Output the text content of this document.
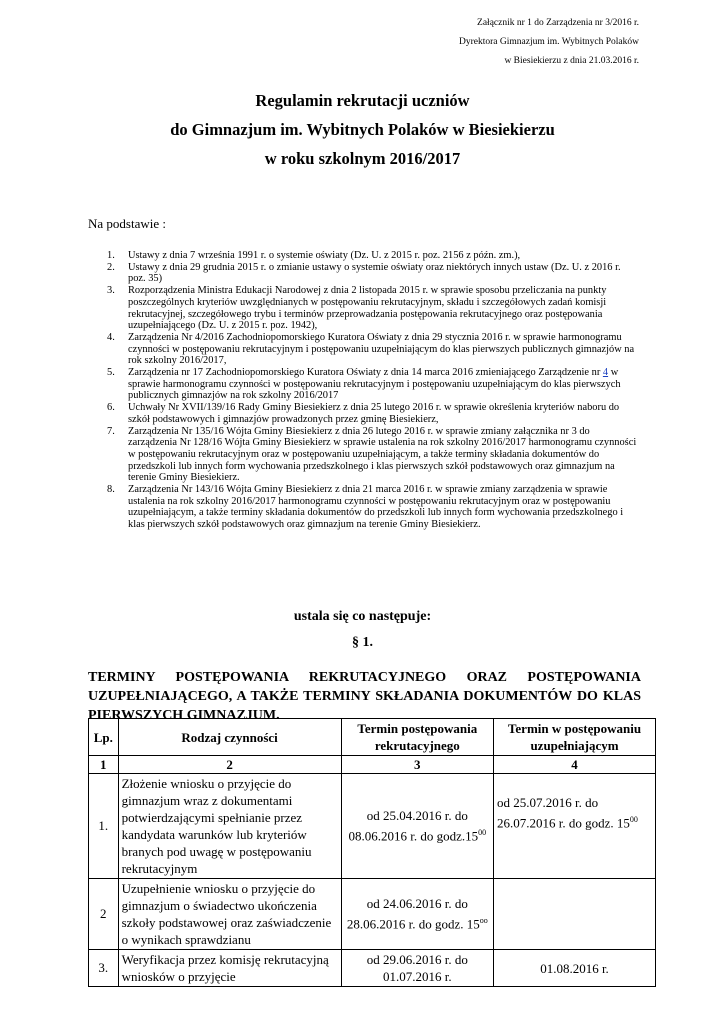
Załącznik nr 1 do Zarządzenia nr 3/2016 r.
Dyrektora Gimnazjum im. Wybitnych Polaków
w Biesiekierzu z dnia 21.03.2016 r.
Regulamin rekrutacji uczniów
do Gimnazjum im. Wybitnych Polaków w Biesiekierzu
w roku szkolnym 2016/2017
Na podstawie :
1. Ustawy z dnia 7 września 1991 r. o systemie oświaty (Dz. U. z 2015 r. poz. 2156 z późn. zm.),
2. Ustawy z dnia 29 grudnia 2015 r. o zmianie ustawy o systemie oświaty oraz niektórych innych ustaw (Dz. U. z 2016 r. poz. 35)
3. Rozporządzenia Ministra Edukacji Narodowej z dnia 2 listopada 2015 r. w sprawie sposobu przeliczania na punkty poszczególnych kryteriów uwzględnianych w postępowaniu rekrutacyjnym, składu i szczegółowych zadań komisji rekrutacyjnej, szczegółowego trybu i terminów przeprowadzania postępowania rekrutacyjnego oraz postępowania uzupełniającego (Dz. U. z 2015 r. poz. 1942),
4. Zarządzenia Nr 4/2016 Zachodniopomorskiego Kuratora Oświaty z dnia 29 stycznia 2016 r. w sprawie harmonogramu czynności w postępowaniu rekrutacyjnym i postępowaniu uzupełniającym do klas pierwszych publicznych gimnazjów na rok szkolny 2016/2017,
5. Zarządzenia nr 17 Zachodniopomorskiego Kuratora Oświaty z dnia 14 marca 2016 zmieniającego Zarządzenie nr 4 w sprawie harmonogramu czynności w postępowaniu rekrutacyjnym i postępowaniu uzupełniającym do klas pierwszych publicznych gimnazjów na rok szkolny 2016/2017
6. Uchwały Nr XVII/139/16 Rady Gminy Biesiekierz z dnia 25 lutego 2016 r. w sprawie określenia kryteriów naboru do szkół podstawowych i gimnazjów prowadzonych przez gminę Biesiekierz,
7. Zarządzenia Nr 135/16 Wójta Gminy Biesiekierz z dnia 26 lutego 2016 r. w sprawie zmiany załącznika nr 3 do zarządzenia Nr 128/16 Wójta Gminy Biesiekierz w sprawie ustalenia na rok szkolny 2016/2017 harmonogramu czynności w postępowaniu rekrutacyjnym oraz w postępowaniu uzupełniającym, a także terminy składania dokumentów do przedszkoli lub innych form wychowania przedszkolnego i klas pierwszych szkół podstawowych oraz gimnazjum na terenie Gminy Biesiekierz.
8. Zarządzenia Nr 143/16 Wójta Gminy Biesiekierz z dnia 21 marca 2016 r. w sprawie zmiany zarządzenia w sprawie ustalenia na rok szkolny 2016/2017 harmonogramu czynności w postępowaniu rekrutacyjnym oraz w postępowaniu uzupełniającym, a także terminy składania dokumentów do przedszkoli lub innych form wychowania przedszkolnego i klas pierwszych szkół podstawowych oraz gimnazjum na terenie Gminy Biesiekierz.
ustala się co następuje:
§ 1.
TERMINY POSTĘPOWANIA REKRUTACYJNEGO ORAZ POSTĘPOWANIA UZUPEŁNIAJĄCEGO, A TAKŻE TERMINY SKŁADANIA DOKUMENTÓW DO KLAS PIERWSZYCH GIMNAZJUM.
Lp.	Rodzaj czynności	Termin postępowania rekrutacyjnego	Termin w postępowaniu uzupełniającym
1	2	3	4
1.	Złożenie wniosku o przyjęcie do gimnazjum wraz z dokumentami potwierdzającymi spełnianie przez kandydata warunków lub kryteriów branych pod uwagę w postępowaniu rekrutacyjnym	od 25.04.2016 r. do 08.06.2016 r. do $godz.15^{00}$	od 25.07.2016 r. do 26.07.2016 r. do godz. $15^{00}$
2	Uzupełnienie wniosku o przyjęcie do gimnazjum o świadectwo ukończenia szkoły podstawowej oraz zaświadczenie o wynikach sprawdzianu	od 24.06.2016 r. do 28.06.2016 r. do godz. $15^{oo}$	
3.	Weryfikacja przez komisję rekrutacyjną wniosków o przyjęcie	od 29.06.2016 r. do 01.07.2016 r.	01.08.2016 r.
